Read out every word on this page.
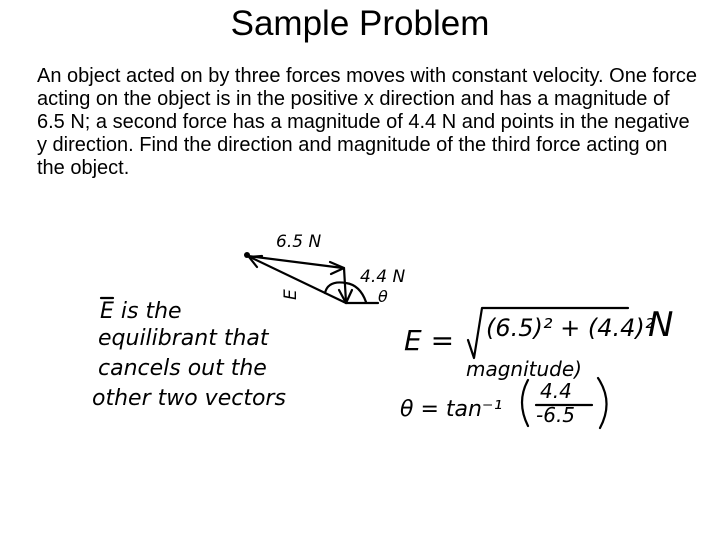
Sample Problem
An object acted on by three forces moves with constant velocity. One force acting on the object is in the positive x direction and has a magnitude of 6.5 N; a second force has a magnitude of 4.4 N and points in the negative y direction. Find the direction and magnitude of the third force acting on the object.
6.5 N
4.4 N
E	θ
E is the
equilibrant that
cancels out the
other two vectors
E = (6.5)² + (4.4)²
N
magnitude)
θ = tan⁻¹
4.4
-6.5
